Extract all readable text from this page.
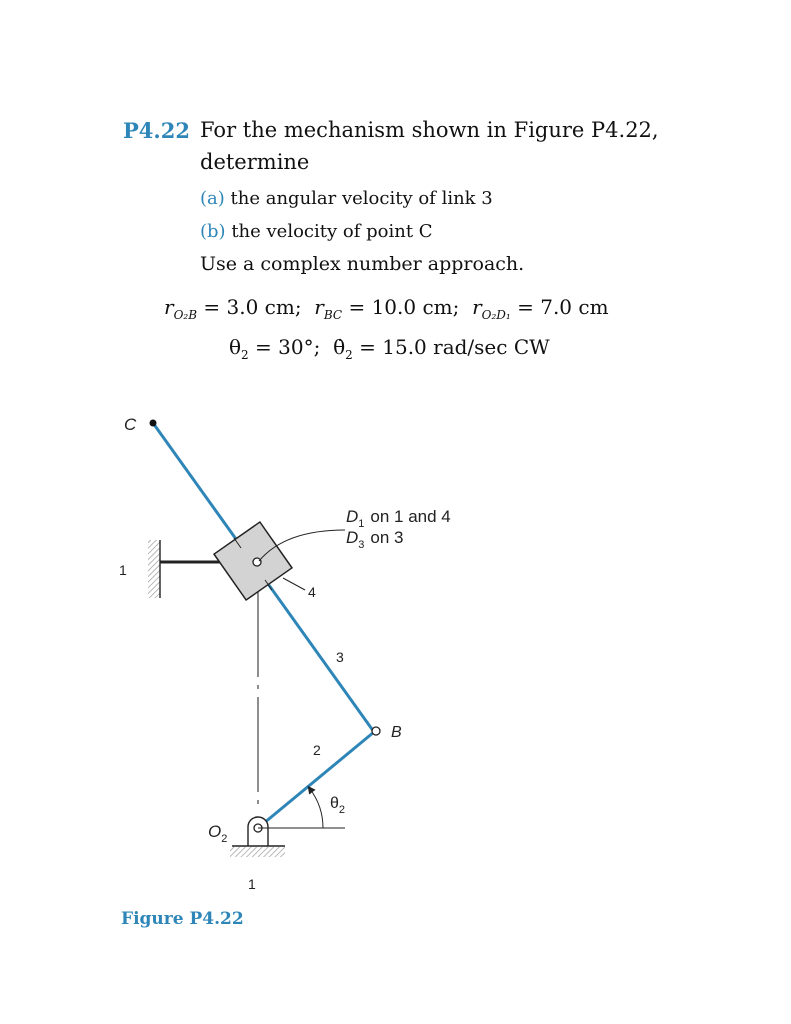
P4.22 For the mechanism shown in Figure P4.22,
determine
(a) the angular velocity of link 3
(b) the velocity of point C
Use a complex number approach.
$r_{O_2B} = 3.0$ cm; $r_{BC} = 10.0$ cm; $r_{O_2D_1} = 7.0$ cm
$\theta_2 = 30^\circ$; $\thetȧ_2 = 15.0$ rad/sec CW
C
1
4
3
2
B
$O_2$
1
$\theta_2$
$D_1$ on 1 and 4
$D_3$ on 3
Figure P4.22
